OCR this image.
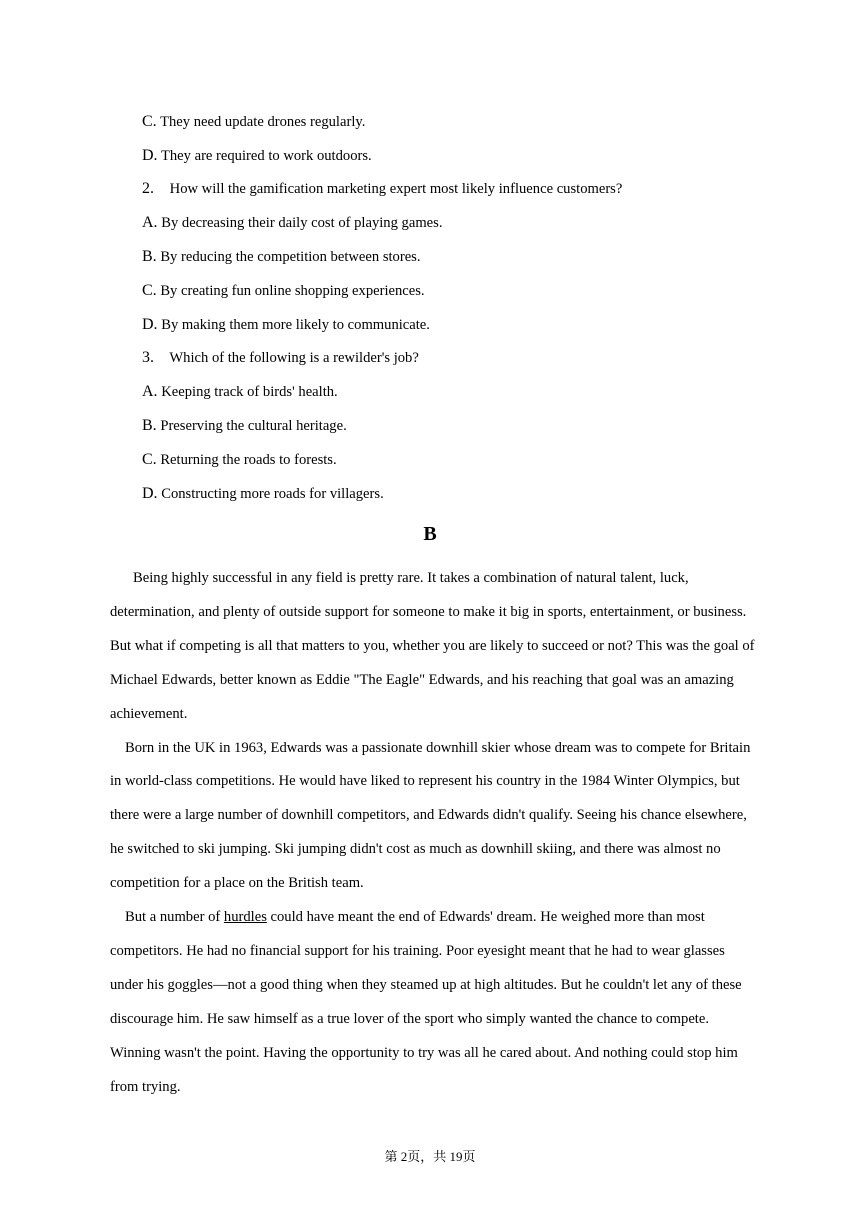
C. They need update drones regularly.
D. They are required to work outdoors.
2. How will the gamification marketing expert most likely influence customers?
A. By decreasing their daily cost of playing games.
B. By reducing the competition between stores.
C. By creating fun online shopping experiences.
D. By making them more likely to communicate.
3. Which of the following is a rewilder's job?
A. Keeping track of birds' health.
B. Preserving the cultural heritage.
C. Returning the roads to forests.
D. Constructing more roads for villagers.
B

Being highly successful in any field is pretty rare. It takes a combination of natural talent, luck, determination, and plenty of outside support for someone to make it big in sports, entertainment, or business. But what if competing is all that matters to you, whether you are likely to succeed or not? This was the goal of Michael Edwards, better known as Eddie "The Eagle" Edwards, and his reaching that goal was an amazing achievement.

Born in the UK in 1963, Edwards was a passionate downhill skier whose dream was to compete for Britain in world-class competitions. He would have liked to represent his country in the 1984 Winter Olympics, but there were a large number of downhill competitors, and Edwards didn't qualify. Seeing his chance elsewhere, he switched to ski jumping. Ski jumping didn't cost as much as downhill skiing, and there was almost no competition for a place on the British team.

But a number of hurdles could have meant the end of Edwards' dream. He weighed more than most competitors. He had no financial support for his training. Poor eyesight meant that he had to wear glasses under his goggles—not a good thing when they steamed up at high altitudes. But he couldn't let any of these discourage him. He saw himself as a true lover of the sport who simply wanted the chance to compete. Winning wasn't the point. Having the opportunity to try was all he cared about. And nothing could stop him from trying.

第 2页，共 19页
